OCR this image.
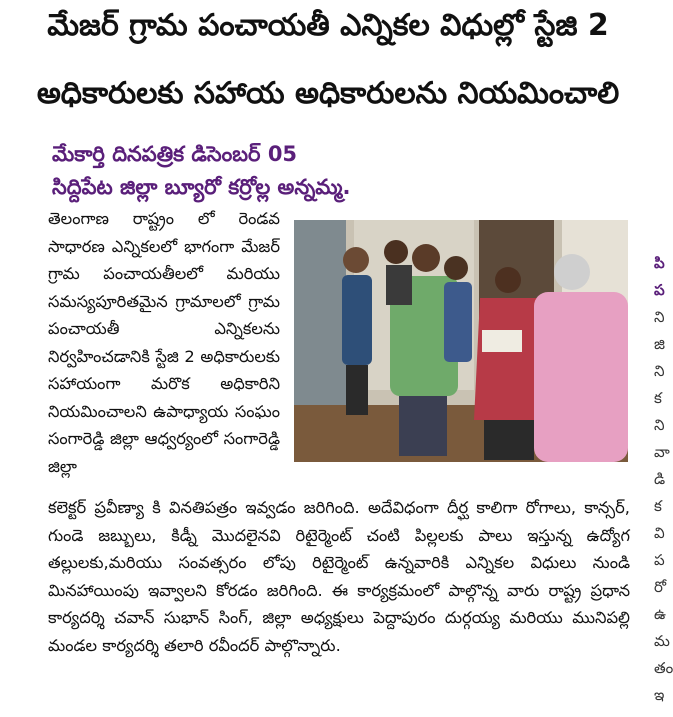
మేజర్ గ్రామ పంచాయతీ ఎన్నికల విధుల్లో స్టేజి 2
అధికారులకు సహాయ అధికారులను నియమించాలి
మేకార్తి దినపత్రిక డిసెంబర్ 05
సిద్దిపేట జిల్లా బ్యూరో కర్రోల్ల అన్నమ్మ.
తెలంగాణ రాష్ట్రం లో రెండవ సాధారణ ఎన్నికలలో భాగంగా మేజర్ గ్రామ పంచాయతీలలో మరియు సమస్యపూరితమైన గ్రామాలలో గ్రామ పంచాయతీ ఎన్నికలను నిర్వహించడానికి స్టేజి 2 అధికారులకు సహాయంగా మరొక అధికారిని నియమించాలని ఉపాధ్యాయ సంఘం సంగారెడ్డి జిల్లా ఆధ్వర్యంలో సంగారెడ్డి జిల్లా
కలెక్టర్ ప్రవీణ్యా కి వినతిపత్రం ఇవ్వడం జరిగింది. అదేవిధంగా దీర్ఘ కాలిగా రోగాలు, కాన్సర్, గుండె జబ్బులు, కిడ్నీ మొదలైనవి రిటైర్మెంట్ చంటి పిల్లలకు పాలు ఇస్తున్న ఉద్యోగ తల్లులకు,మరియు సంవత్సరం లోపు రిటైర్మెంట్ ఉన్నవారికి ఎన్నికల విధులు నుండి మినహాయింపు ఇవ్వాలని కోరడం జరిగింది. ఈ కార్యక్రమంలో పాల్గొన్న వారు రాష్ట్ర ప్రధాన కార్యదర్శి చవాన్ సుభాన్ సింగ్, జిల్లా అధ్యక్షులు పెద్దాపురం దుర్గయ్య మరియు మునిపల్లి మండల కార్యదర్శి తలారి రవీందర్ పాల్గొన్నారు.
పి
ప
ని
జి
ని
క
ని
వా
డి
క
వి
ప
రో
ఉ
మ
తం
ఇ
